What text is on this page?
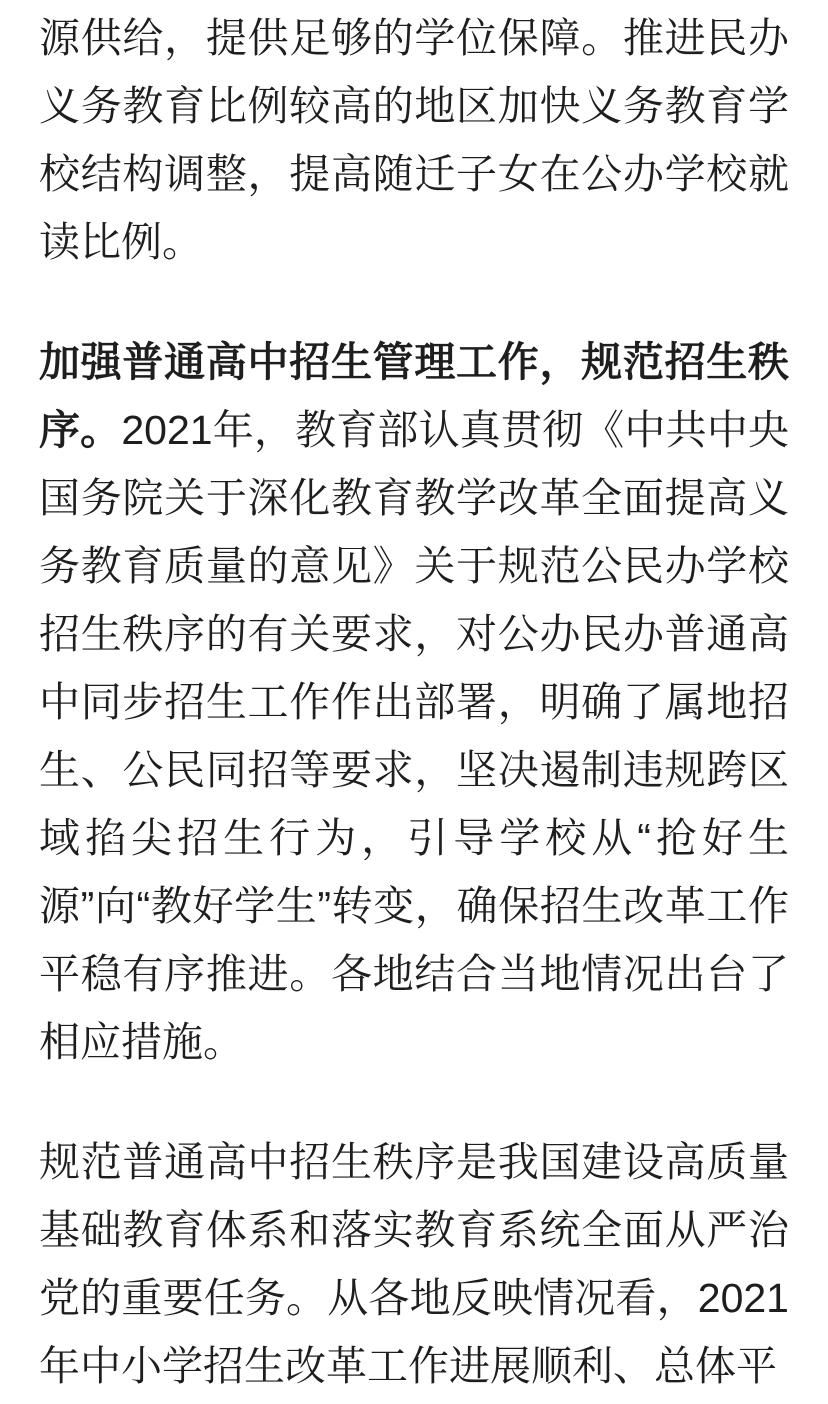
源供给，提供足够的学位保障。推进民办义务教育比例较高的地区加快义务教育学校结构调整，提高随迁子女在公办学校就读比例。

加强普通高中招生管理工作，规范招生秩序。2021年，教育部认真贯彻《中共中央国务院关于深化教育教学改革全面提高义务教育质量的意见》关于规范公民办学校招生秩序的有关要求，对公办民办普通高中同步招生工作作出部署，明确了属地招生、公民同招等要求，坚决遏制违规跨区域掐尖招生行为，引导学校从“抢好生源”向“教好学生”转变，确保招生改革工作平稳有序推进。各地结合当地情况出台了相应措施。

规范普通高中招生秩序是我国建设高质量基础教育体系和落实教育系统全面从严治党的重要任务。从各地反映情况看，2021年中小学招生改革工作进展顺利、总体平
